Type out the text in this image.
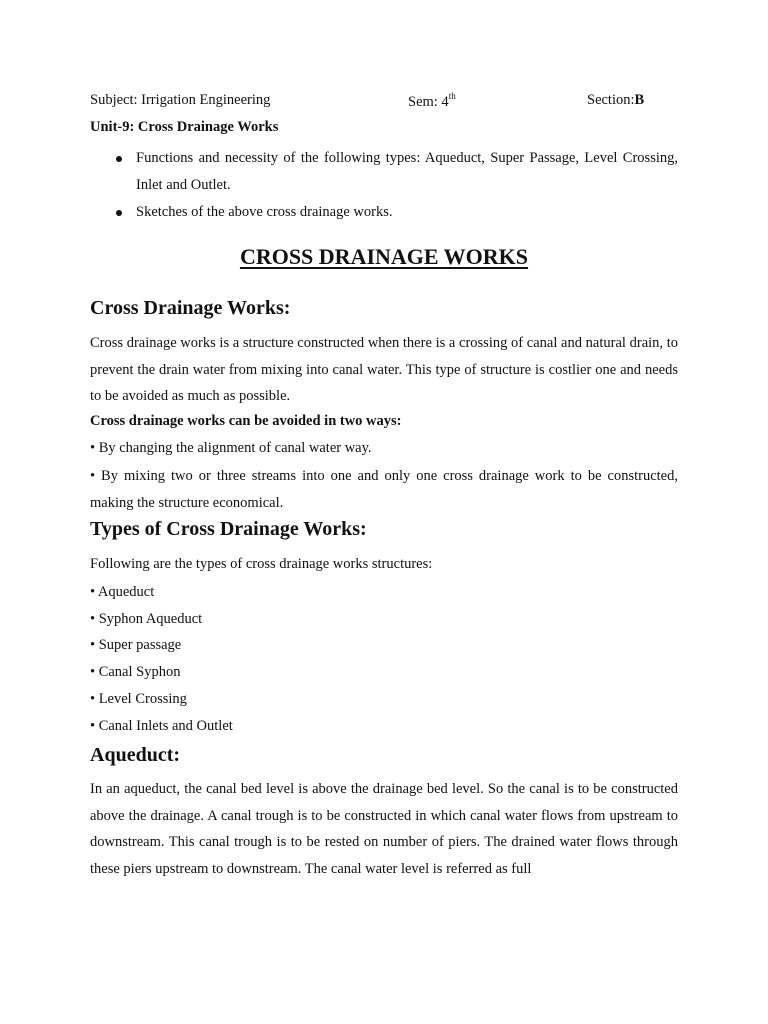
Subject: Irrigation Engineering	Sem: 4th	Section:B
Unit-9: Cross Drainage Works
Functions and necessity of the following types: Aqueduct, Super Passage, Level Crossing, Inlet and Outlet.
Sketches of the above cross drainage works.
CROSS DRAINAGE WORKS
Cross Drainage Works:

Cross drainage works is a structure constructed when there is a crossing of canal and natural drain, to prevent the drain water from mixing into canal water. This type of structure is costlier one and needs to be avoided as much as possible.

Cross drainage works can be avoided in two ways:
• By changing the alignment of canal water way.

• By mixing two or three streams into one and only one cross drainage work to be constructed, making the structure economical.

Types of Cross Drainage Works:
Following are the types of cross drainage works structures:
• Aqueduct
• Syphon Aqueduct
• Super passage
• Canal Syphon
• Level Crossing
• Canal Inlets and Outlet
Aqueduct:

In an aqueduct, the canal bed level is above the drainage bed level. So the canal is to be constructed above the drainage. A canal trough is to be constructed in which canal water flows from upstream to downstream. This canal trough is to be rested on number of piers. The drained water flows through these piers upstream to downstream. The canal water level is referred as full
